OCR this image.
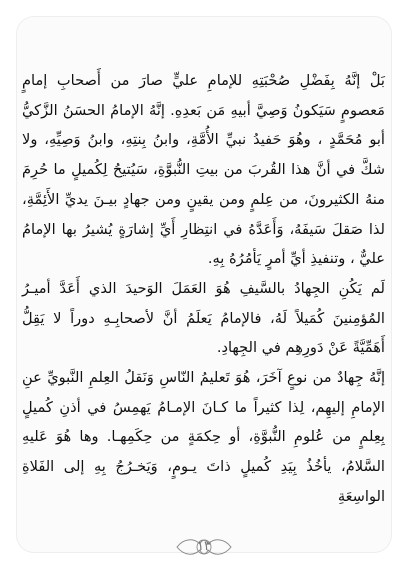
بَلْ إنَّهُ بِفَضْلِ صُحْبَتِهِ للإمامِ عليٍّ صارَ من أَصحابِ إمامٍ مَعصومٍ سَيَكونُ وَصِيَّ أبيهِ مَن بَعدِهِ. إنَّهُ الإمامُ الحسَنُ الزَّكيُّ أبو مُحَمَّدٍ ، وهُوَ حَفيدُ نبيِّ الأُمَّةِ، وابنُ بِنتِهِ، وابنُ وَصِيِّهِ، ولا شكَّ في أنَّ هذا القُربَ من بيتِ النُّبوَّةِ، سَيُتيحُ لِكُميلٍ ما حُرِمَ منهُ الكثيرونَ، من عِلمٍ ومن يقينٍ ومن جهادٍ بيـنَ يديِّ الأَئِمَّةِ، لذا صَقلَ سَيفَهُ، وَأَعَدَّهُ في انتِظارِ أَيِّ إشارَةٍ يُشيرُ بها الإمامُ عليٌّ ، وتنفيذِ أيِّ أمرٍ يَأمُرُهُ بِهِ.

لَم يَكُنِ الجِهادُ بالسَّيفِ هُوَ العَمَلَ الوَحيدَ الذي أَعَدَّ أميـرُ المُؤمِنينَ كُمَيلاً لَهُ، فالإمامُ يَعلَمُ أنَّ لأصحابِـهِ دوراً لا يَقِلُّ أَهَمِّيَّةً عَنْ دَورِهِم في الجِهادِ.

إنَّهُ جِهادٌ من نوعٍ آخَرَ، هُوَ تَعليمُ النّاسِ وَنَقلُ العِلمِ النَّبويِّ عنِ الإمامِ إليهِم، لِذا كثيراً ما كـانَ الإمـامُ يَهمِسُ في أذنِ كُميلٍ بِعِلمٍ من عُلومِ النُّبوَّةِ، أو حِكمَةٍ من حِكَمِهـا. وها هُوَ عَليهِ السَّلامُ، يأخُذُ بِيَدِ كُميلٍ ذاتَ يـومٍ، وَيَخـرُجُ بِهِ إلى الفَلاةِ الواسِعَةِ

١٣
